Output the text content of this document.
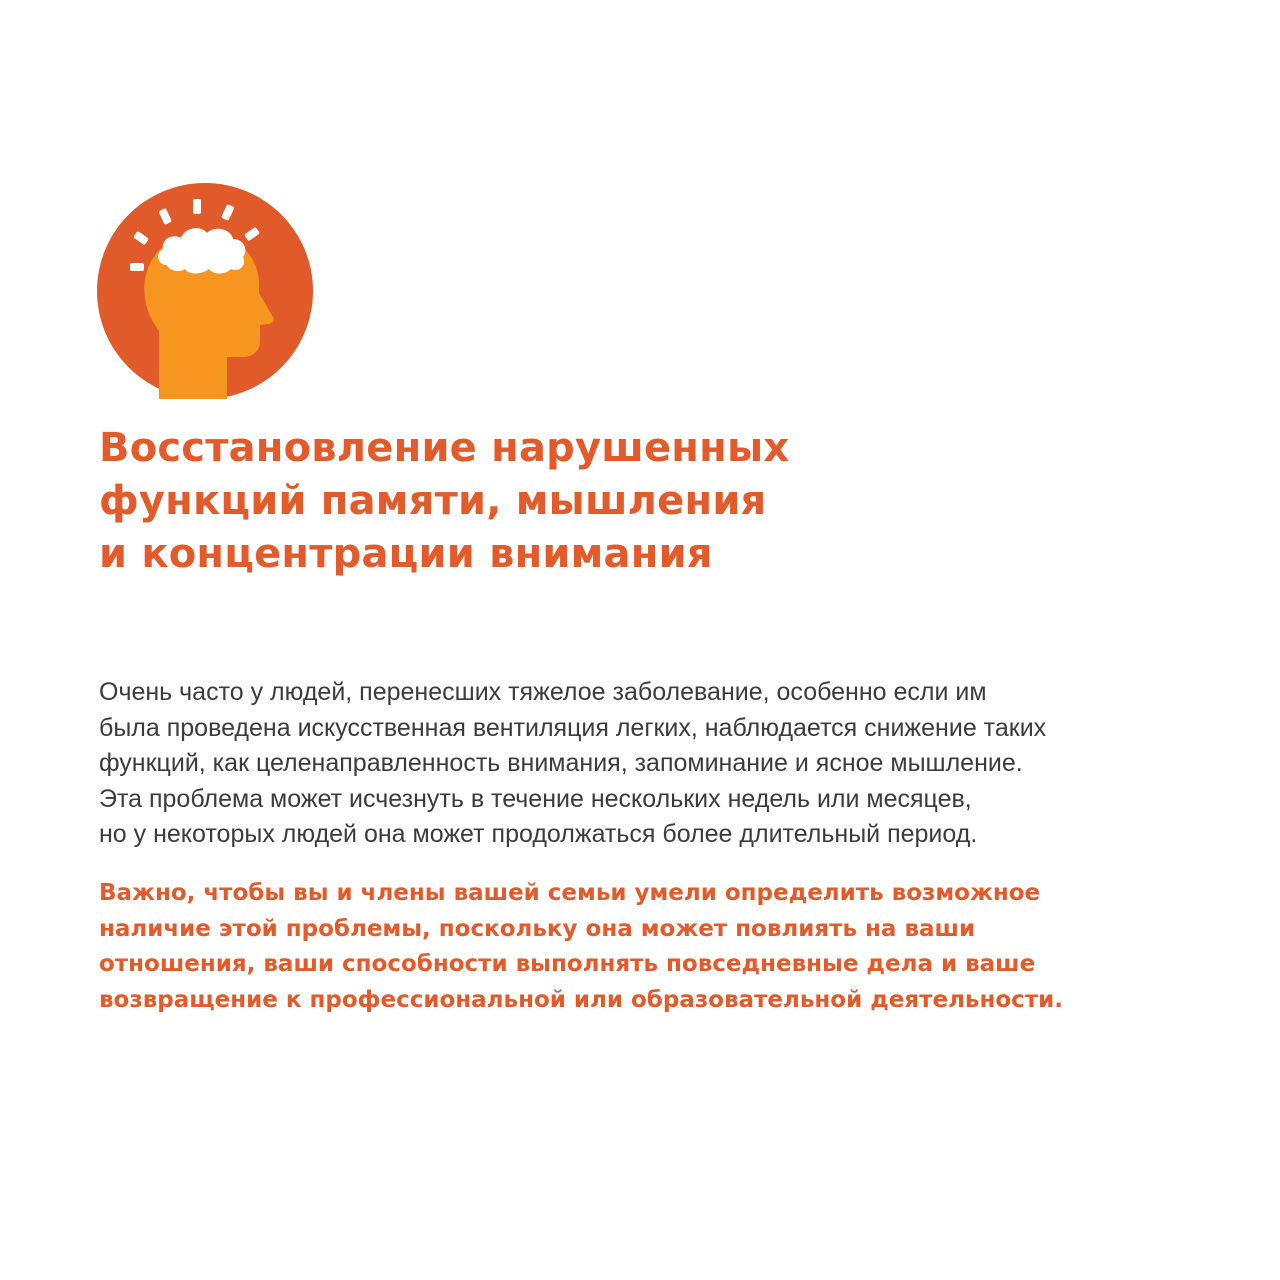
Восстановление нарушенных
функций памяти, мышления
и концентрации внимания

Очень часто у людей, перенесших тяжелое заболевание, особенно если им
была проведена искусственная вентиляция легких, наблюдается снижение таких
функций, как целенаправленность внимания, запоминание и ясное мышление.
Эта проблема может исчезнуть в течение нескольких недель или месяцев,
но у некоторых людей она может продолжаться более длительный период.

Важно, чтобы вы и члены вашей семьи умели определить возможное
наличие этой проблемы, поскольку она может повлиять на ваши
отношения, ваши способности выполнять повседневные дела и ваше
возвращение к профессиональной или образовательной деятельности.
